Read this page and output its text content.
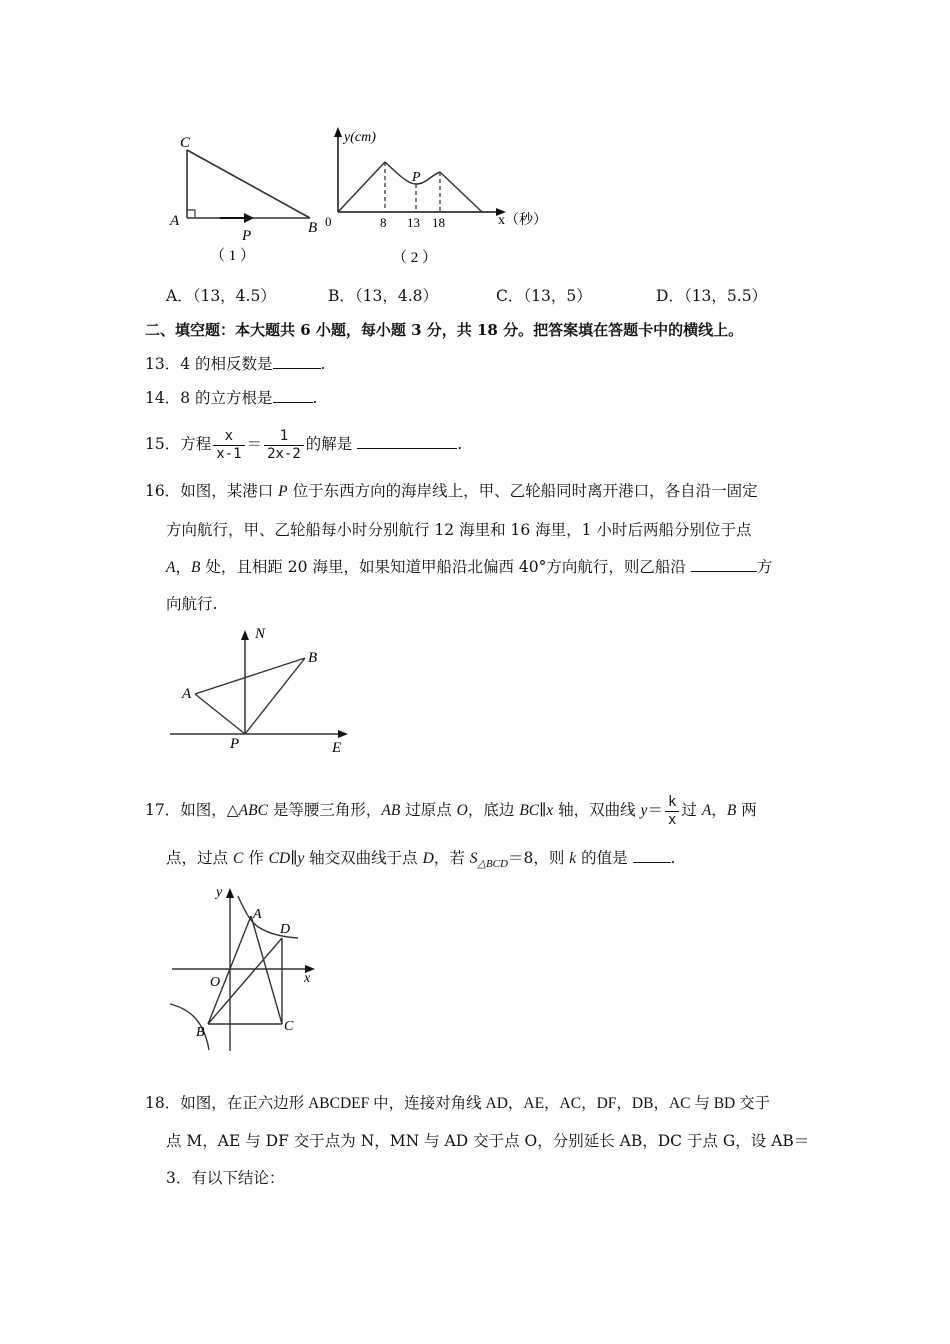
C
A
P	B
（ 1 ）
y(cm)
P
0	8 13 18	x（秒）
（ 2 ）
A．（13，4.5）	B．（13，4.8）	C．（13，5）	D．（13，5.5）
二、填空题：本大题共 6 小题，每小题 3 分，共 18 分。把答案填在答题卡中的横线上。
13．4 的相反数是	.
14．8 的立方根是	.
15．方程 $\frac{x}{x-1} = \frac{1}{2x-2}$ 的解是	.
16．如图，某港口 P 位于东西方向的海岸线上，甲、乙轮船同时离开港口，各自沿一固定
方向航行，甲、乙轮船每小时分别航行 12 海里和 16 海里，1 小时后两船分别位于点
A，B 处，且相距 20 海里，如果知道甲船沿北偏西 40°方向航行，则乙船沿	方
向航行.
N
B
A
P	E
17．如图，△ABC 是等腰三角形，AB 过原点 O，底边 BC∥x 轴，双曲线 $y= \frac{k}{x}$ 过 A，B 两
点，过点 C 作 CD∥y 轴交双曲线于点 D，若 $S_{\triangle BCD}=8$，则 k 的值是 .
y
A
D
O	x
B	C
18．如图，在正六边形 ABCDEF 中，连接对角线 AD，AE，AC，DF，DB，AC 与 BD 交于
点 M，AE 与 DF 交于点为 N，MN 与 AD 交于点 O，分别延长 AB，DC 于点 G，设 AB＝
3．有以下结论：
